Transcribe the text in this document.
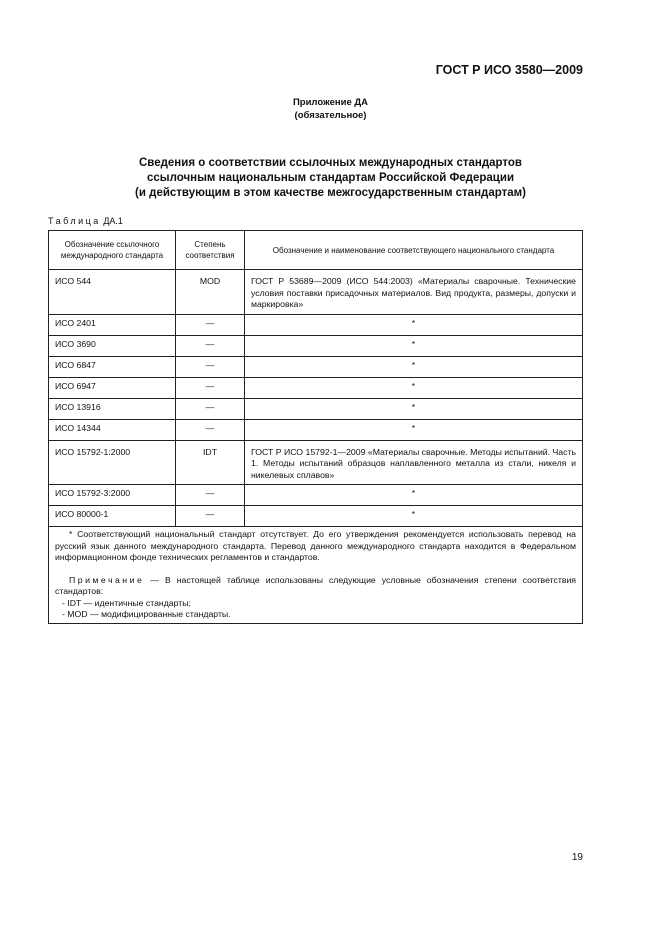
ГОСТ Р ИСО 3580—2009
Приложение ДА
(обязательное)
Сведения о соответствии ссылочных международных стандартов
ссылочным национальным стандартам Российской Федерации
(и действующим в этом качестве межгосударственным стандартам)
Таблица ДА.1
Обозначение ссылочного международного стандарта	Степень соответствия	Обозначение и наименование соответствующего национального стандарта
ИСО 544	MOD	ГОСТ Р 53689—2009 (ИСО 544:2003) «Материалы сварочные. Технические условия поставки присадочных материалов. Вид продукта, размеры, допуски и маркировка»
ИСО 2401	—	*
ИСО 3690	—	*
ИСО 6847	—	*
ИСО 6947	—	*
ИСО 13916	—	*
ИСО 14344	—	*
ИСО 15792-1:2000	IDT	ГОСТ Р ИСО 15792-1—2009 «Материалы сварочные. Методы испытаний. Часть 1. Методы испытаний образцов наплавленного металла из стали, никеля и никелевых сплавов»
ИСО 15792-3:2000	—	*
ИСО 80000-1	—	*

* Соответствующий национальный стандарт отсутствует. До его утверждения рекомендуется использовать перевод на русский язык данного международного стандарта. Перевод данного международного стандарта находится в Федеральном информационном фонде технических регламентов и стандартов.

Примечание — В настоящей таблице использованы следующие условные обозначения степени соответствия стандартов:

- IDT — идентичные стандарты;

- MOD — модифицированные стандарты.		

19
